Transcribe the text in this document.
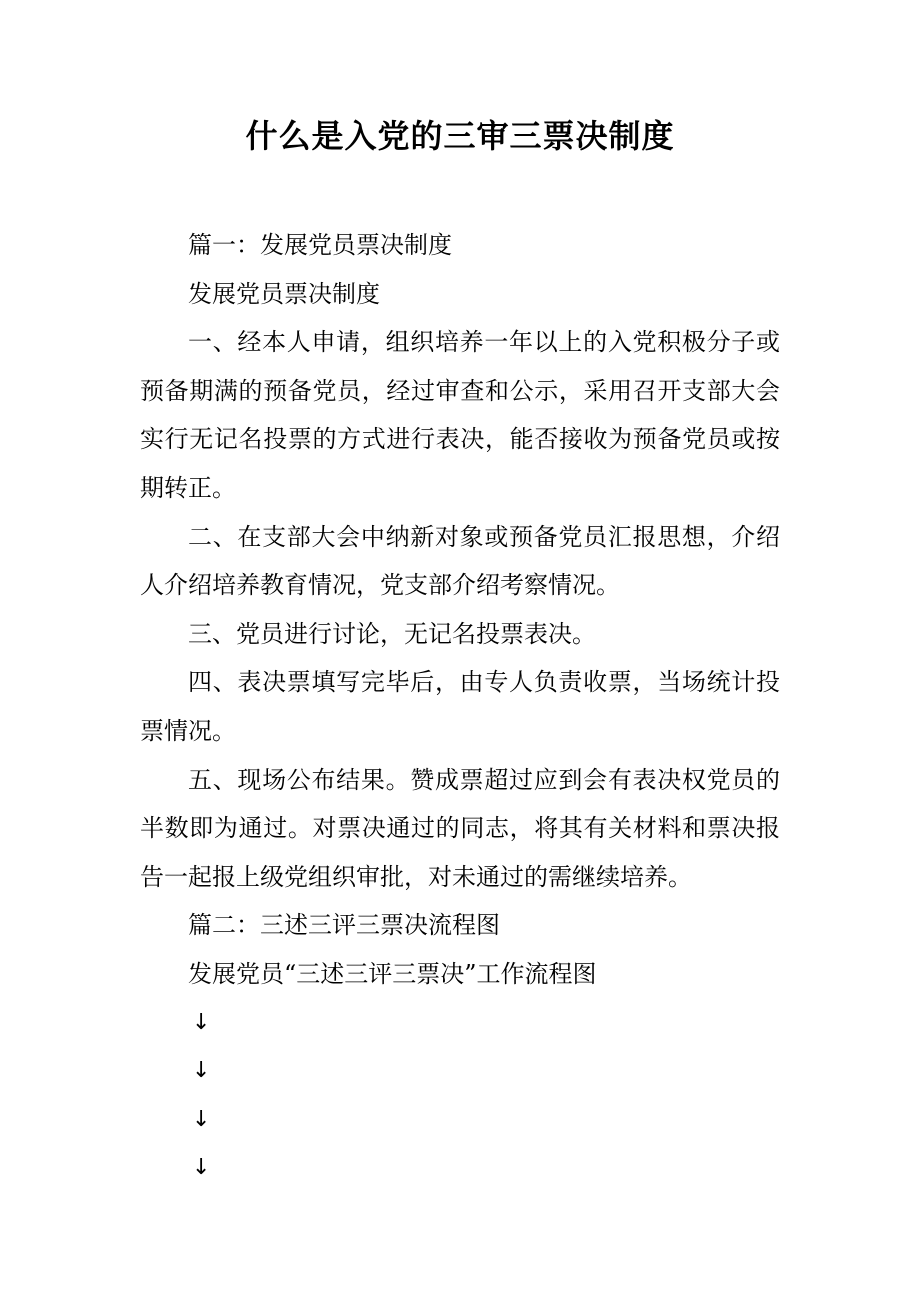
什么是入党的三审三票决制度

篇一：发展党员票决制度

发展党员票决制度

一、经本人申请，组织培养一年以上的入党积极分子或预备期满的预备党员，经过审查和公示，采用召开支部大会实行无记名投票的方式进行表决，能否接收为预备党员或按期转正。

二、在支部大会中纳新对象或预备党员汇报思想，介绍人介绍培养教育情况，党支部介绍考察情况。

三、党员进行讨论，无记名投票表决。

四、表决票填写完毕后，由专人负责收票，当场统计投票情况。

五、现场公布结果。赞成票超过应到会有表决权党员的半数即为通过。对票决通过的同志，将其有关材料和票决报告一起报上级党组织审批，对未通过的需继续培养。

篇二：三述三评三票决流程图

发展党员“三述三评三票决”工作流程图

↓
↓
↓
↓
